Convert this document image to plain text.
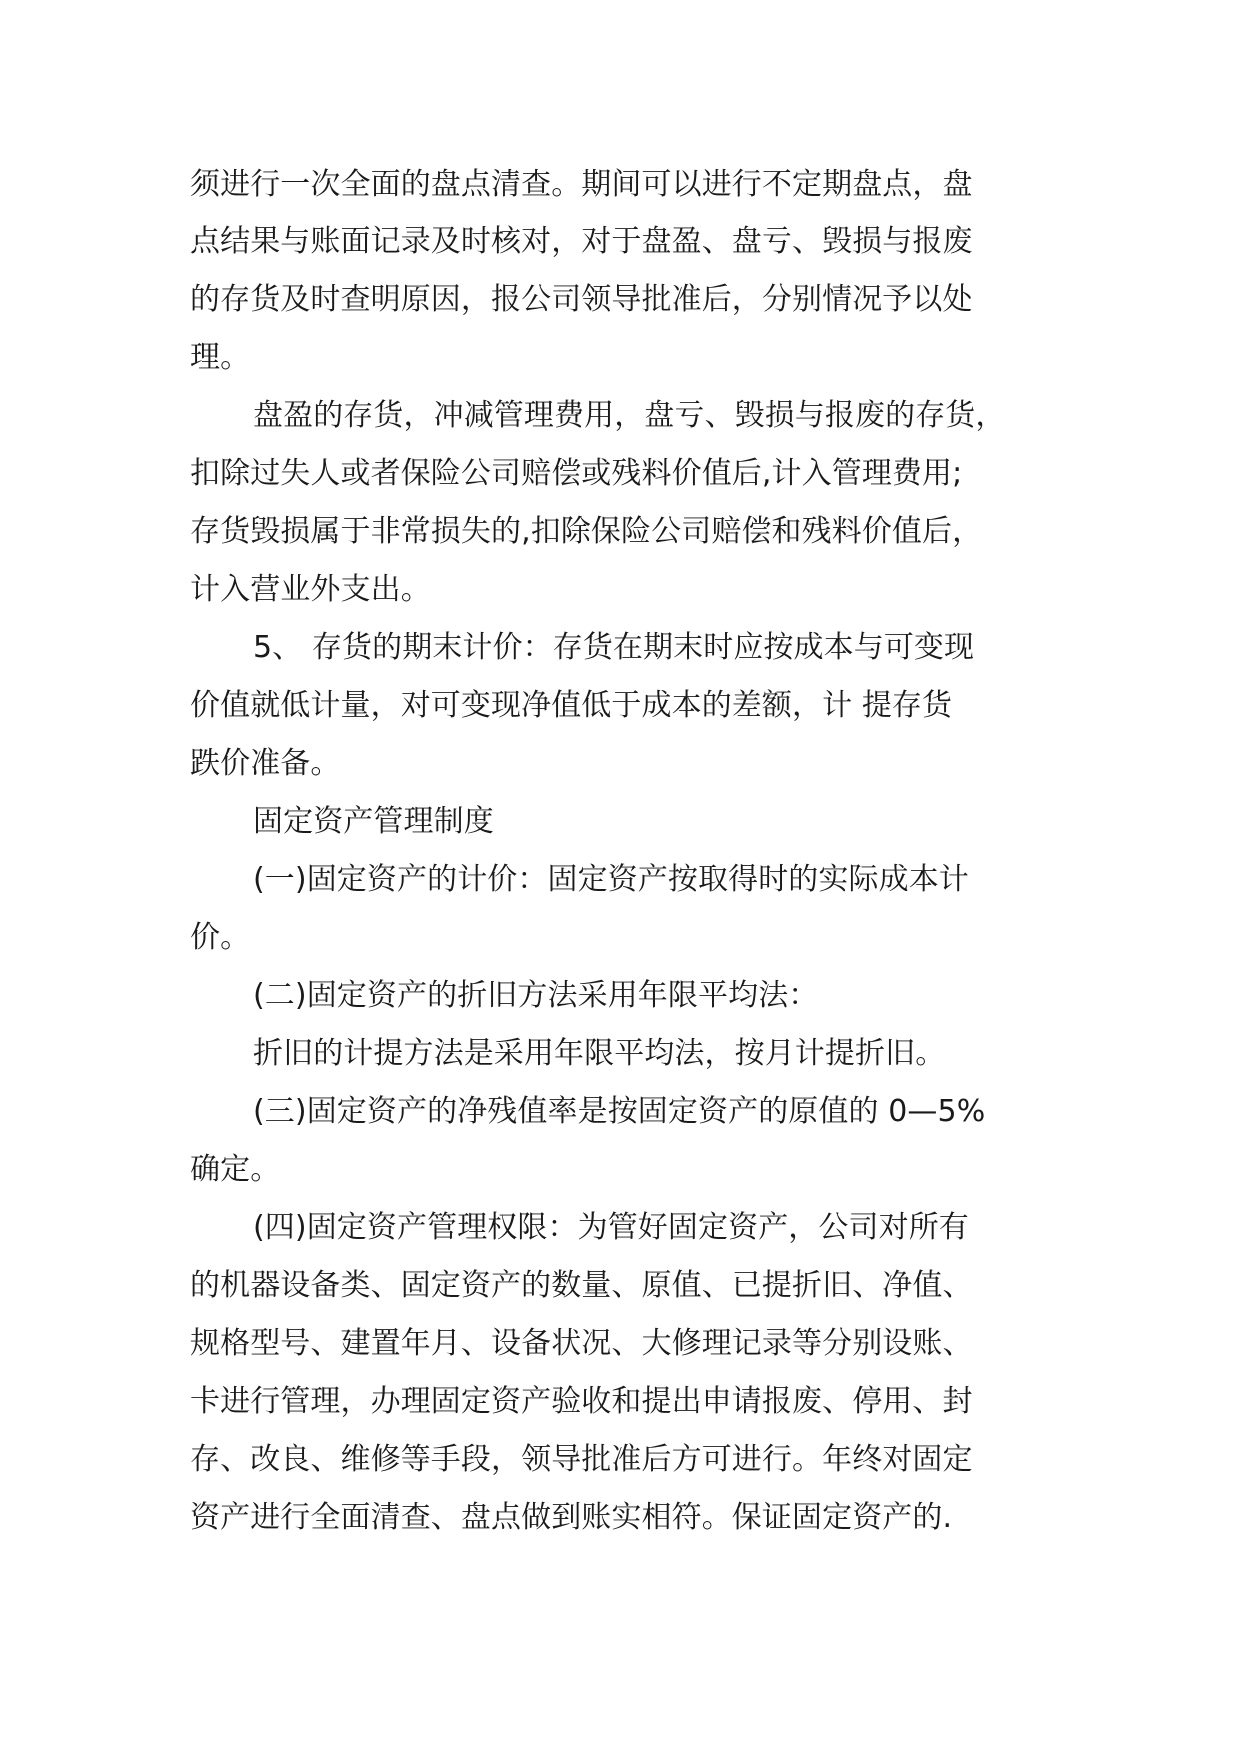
须进行一次全面的盘点清查。期间可以进行不定期盘点，盘
点结果与账面记录及时核对，对于盘盈、盘亏、毁损与报废
的存货及时查明原因，报公司领导批准后，分别情况予以处
理。
盘盈的存货，冲减管理费用，盘亏、毁损与报废的存货，
扣除过失人或者保险公司赔偿或残料价值后,计入管理费用;
存货毁损属于非常损失的,扣除保险公司赔偿和残料价值后，
计入营业外支出。
5、 存货的期末计价：存货在期末时应按成本与可变现
价值就低计量，对可变现净值低于成本的差额，计 提存货
跌价准备。
固定资产管理制度
(一)固定资产的计价：固定资产按取得时的实际成本计
价。
(二)固定资产的折旧方法采用年限平均法：
折旧的计提方法是采用年限平均法，按月计提折旧。
(三)固定资产的净残值率是按固定资产的原值的 0—5%
确定。
(四)固定资产管理权限：为管好固定资产，公司对所有
的机器设备类、固定资产的数量、原值、已提折旧、净值、
规格型号、建置年月、设备状况、大修理记录等分别设账、
卡进行管理，办理固定资产验收和提出申请报废、停用、封
存、改良、维修等手段，领导批准后方可进行。年终对固定
资产进行全面清查、盘点做到账实相符。保证固定资产的.
